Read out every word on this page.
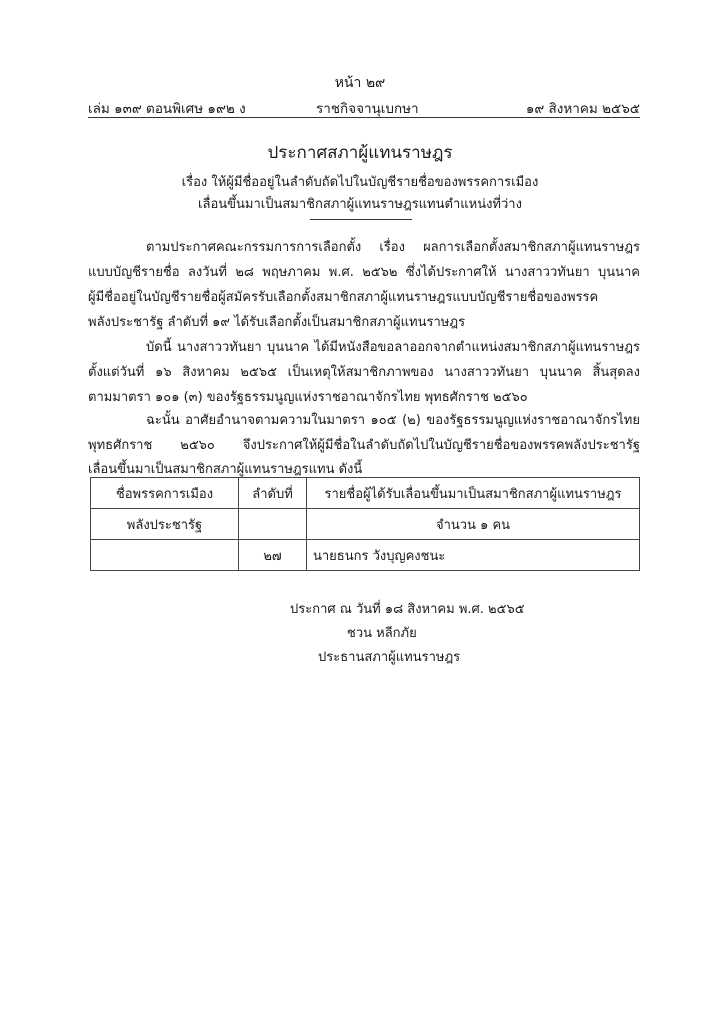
หน้า ๒๙
เล่ม ๑๓๙ ตอนพิเศษ ๑๙๒ ง	ราชกิจจานุเบกษา	๑๙ สิงหาคม ๒๕๖๕
ประกาศสภาผู้แทนราษฎร
เรื่อง ให้ผู้มีชื่ออยู่ในลำดับถัดไปในบัญชีรายชื่อของพรรคการเมือง
เลื่อนขึ้นมาเป็นสมาชิกสภาผู้แทนราษฎรแทนตำแหน่งที่ว่าง
ตามประกาศคณะกรรมการการเลือกตั้ง เรื่อง ผลการเลือกตั้งสมาชิกสภาผู้แทนราษฎร
แบบบัญชีรายชื่อ ลงวันที่ ๒๘ พฤษภาคม พ.ศ. ๒๕๖๒ ซึ่งได้ประกาศให้ นางสาววทันยา บุนนาค
ผู้มีชื่ออยู่ในบัญชีรายชื่อผู้สมัครรับเลือกตั้งสมาชิกสภาผู้แทนราษฎรแบบบัญชีรายชื่อของพรรค
พลังประชารัฐ ลำดับที่ ๑๙ ได้รับเลือกตั้งเป็นสมาชิกสภาผู้แทนราษฎร
บัดนี้ นางสาววทันยา บุนนาค ได้มีหนังสือขอลาออกจากตำแหน่งสมาชิกสภาผู้แทนราษฎร
ตั้งแต่วันที่ ๑๖ สิงหาคม ๒๕๖๕ เป็นเหตุให้สมาชิกภาพของ นางสาววทันยา บุนนาค สิ้นสุดลง
ตามมาตรา ๑๐๑ (๓) ของรัฐธรรมนูญแห่งราชอาณาจักรไทย พุทธศักราช ๒๕๖๐
ฉะนั้น อาศัยอำนาจตามความในมาตรา ๑๐๕ (๒) ของรัฐธรรมนูญแห่งราชอาณาจักรไทย
พุทธศักราช ๒๕๖๐ จึงประกาศให้ผู้มีชื่อในลำดับถัดไปในบัญชีรายชื่อของพรรคพลังประชารัฐ
เลื่อนขึ้นมาเป็นสมาชิกสภาผู้แทนราษฎรแทน ดังนี้
ชื่อพรรคการเมือง	ลำดับที่	รายชื่อผู้ได้รับเลื่อนขึ้นมาเป็นสมาชิกสภาผู้แทนราษฎร
พลังประชารัฐ		จำนวน ๑ คน
	๒๗	นายธนกร วังบุญคงชนะ
ประกาศ ณ วันที่ ๑๘ สิงหาคม พ.ศ. ๒๕๖๕
ชวน หลีกภัย
ประธานสภาผู้แทนราษฎร
